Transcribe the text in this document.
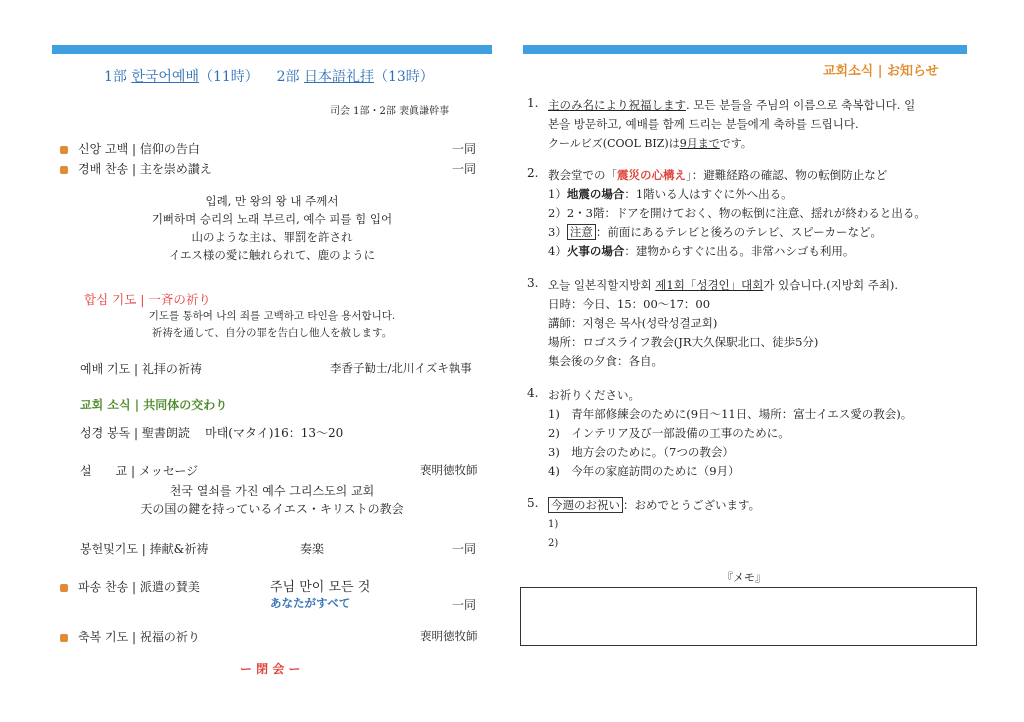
1部 한국어예배（11時） 2部 日本語礼拝（13時）
司会 1部・2部 裵眞謙幹事
신앙 고백 | 信仰の告白	一同
경배 찬송 | 主を崇め讃え	一同
입례, 만 왕의 왕 내 주께서
기뻐하며 승리의 노래 부르리, 예수 피를 힘 입어
山のような主は、罪罰を許され
イエス様の愛に触れられて、鹿のように
합심 기도 | 一斉の祈り
기도를 통하여 나의 죄를 고백하고 타인을 용서합니다.
祈祷を通して、自分の罪を告白し他人を赦します。
예배 기도 | 礼拝の祈祷	李香子勧士/北川イズキ執事
교회 소식 | 共同体の交わり
성경 봉독 | 聖書朗読 마태(マタイ)16：13～20
설　　교 | メッセージ	裵明徳牧師
천국 열쇠를 가진 예수 그리스도의 교회
天の国の鍵を持っているイエス・キリストの教会
봉헌및기도 | 捧献&祈祷	奏楽	一同
파송 찬송 | 派遣の賛美	주님 만이 모든 것
あなたがすべて	一同
축복 기도 | 祝福の祈り	裵明徳牧師
ー 閉 会 ー
교회소식 | お知らせ
1. 主のみ名により祝福します. 모든 분들을 주님의 이름으로 축복합니다. 일
본을 방문하고, 예배를 함께 드리는 분들에게 축하를 드립니다.
クールビズ(COOL BIZ)は9月までです。
2. 教会堂での「震災の心構え」：避難経路の確認、物の転倒防止など
1）地震の場合：1階いる人はすぐに外へ出る。
2）2・3階：ドアを開けておく、物の転倒に注意、揺れが終わると出る。
3） 注意 ：前面にあるテレビと後ろのテレビ、スピーカーなど。
4）火事の場合：建物からすぐに出る。非常ハシゴも利用。
3. 오늘 일본직할지방회 제1회「성경인」대회가 있습니다.(지방회 주최).
日時：今日、15：00～17：00
講師：지형은 목사(성락성결교회)
場所：ロゴスライフ教会(JR大久保駅北口、徒歩5分)
集会後の夕食：各自。
4. お祈りください。
1)　青年部修練会のために(9日～11日、場所：富士イエス愛の教会)。
2)　インテリア及び一部設備の工事のために。
3)　地方会のために。（7つの教会）
4)　今年の家庭訪問のために（9月）
5. 今週のお祝い ：おめでとうございます。
1)
2)
『メモ』
